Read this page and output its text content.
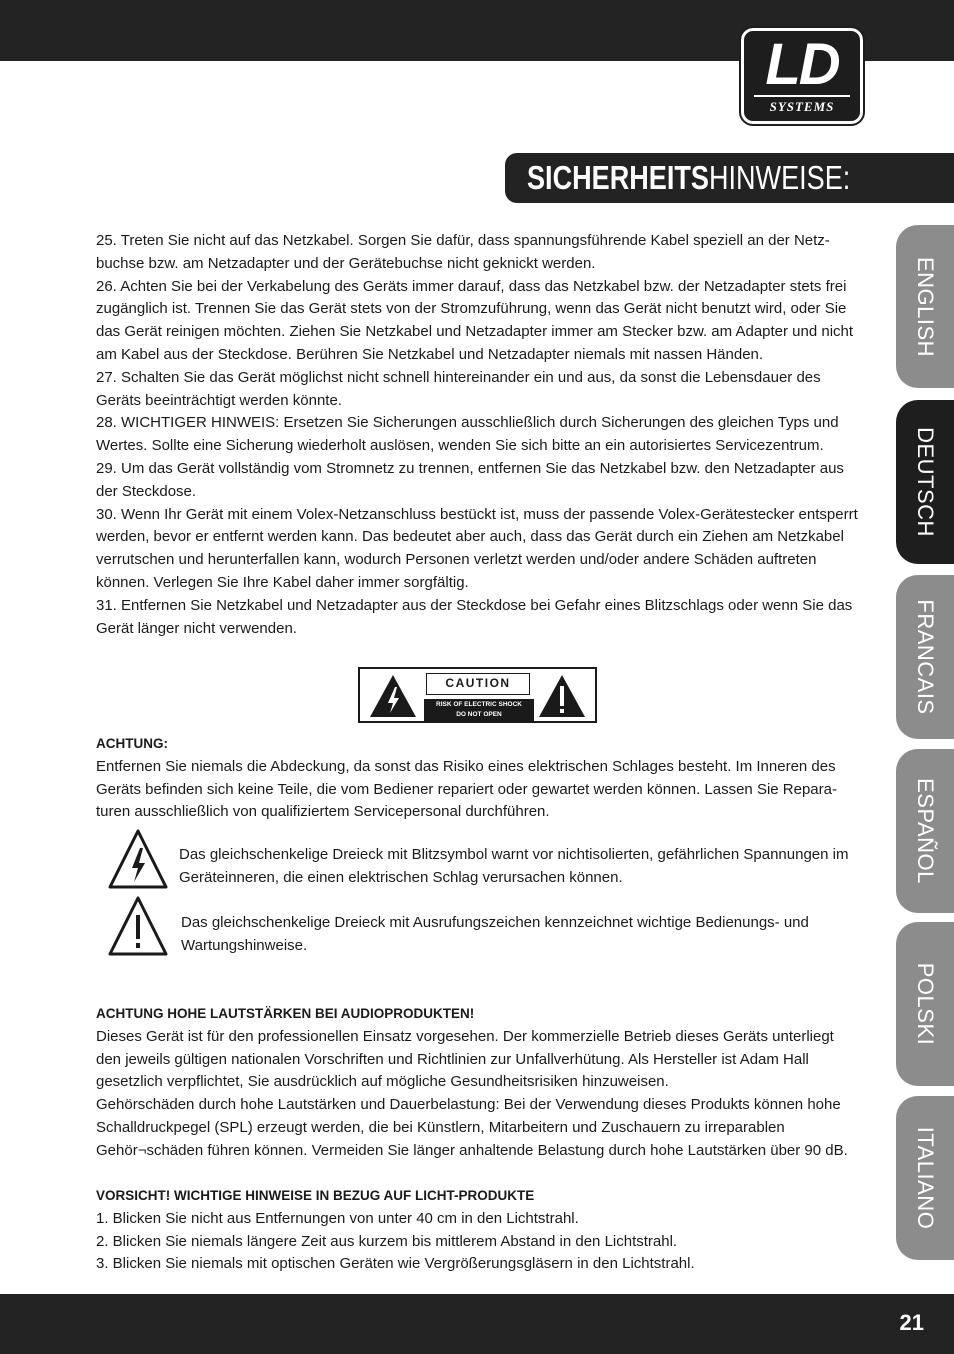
LD
SYSTEMS
SICHERHEITSHINWEISE:

25. Treten Sie nicht auf das Netzkabel. Sorgen Sie dafür, dass spannungsführende Kabel speziell an der Netz-buchse bzw. am Netzadapter und der Gerätebuchse nicht geknickt werden.

26. Achten Sie bei der Verkabelung des Geräts immer darauf, dass das Netzkabel bzw. der Netzadapter stets frei zugänglich ist. Trennen Sie das Gerät stets von der Stromzuführung, wenn das Gerät nicht benutzt wird, oder Sie das Gerät reinigen möchten. Ziehen Sie Netzkabel und Netzadapter immer am Stecker bzw. am Adapter und nicht am Kabel aus der Steckdose. Berühren Sie Netzkabel und Netzadapter niemals mit nassen Händen.

27. Schalten Sie das Gerät möglichst nicht schnell hintereinander ein und aus, da sonst die Lebensdauer des Geräts beeinträchtigt werden könnte.

28. WICHTIGER HINWEIS: Ersetzen Sie Sicherungen ausschließlich durch Sicherungen des gleichen Typs und Wertes. Sollte eine Sicherung wiederholt auslösen, wenden Sie sich bitte an ein autorisiertes Servicezentrum.

29. Um das Gerät vollständig vom Stromnetz zu trennen, entfernen Sie das Netzkabel bzw. den Netzadapter aus der Steckdose.

30. Wenn Ihr Gerät mit einem Volex-Netzanschluss bestückt ist, muss der passende Volex-Gerätestecker entsperrt werden, bevor er entfernt werden kann. Das bedeutet aber auch, dass das Gerät durch ein Ziehen am Netzkabel verrutschen und herunterfallen kann, wodurch Personen verletzt werden und/oder andere Schäden auftreten können. Verlegen Sie Ihre Kabel daher immer sorgfältig.

31. Entfernen Sie Netzkabel und Netzadapter aus der Steckdose bei Gefahr eines Blitzschlags oder wenn Sie das Gerät länger nicht verwenden.

CAUTION
RISK OF ELECTRIC SHOCK
DO NOT OPEN
ACHTUNG:
Entfernen Sie niemals die Abdeckung, da sonst das Risiko eines elektrischen Schlages besteht. Im Inneren des Geräts befinden sich keine Teile, die vom Bediener repariert oder gewartet werden können. Lassen Sie Repara-turen ausschließlich von qualifiziertem Servicepersonal durchführen.
Das gleichschenkelige Dreieck mit Blitzsymbol warnt vor nichtisolierten, gefährlichen Spannungen im Geräteinneren, die einen elektrischen Schlag verursachen können.
Das gleichschenkelige Dreieck mit Ausrufungszeichen kennzeichnet wichtige Bedienungs- und Wartungshinweise.
ACHTUNG HOHE LAUTSTÄRKEN BEI AUDIOPRODUKTEN!
Dieses Gerät ist für den professionellen Einsatz vorgesehen. Der kommerzielle Betrieb dieses Geräts unterliegt den jeweils gültigen nationalen Vorschriften und Richtlinien zur Unfallverhütung. Als Hersteller ist Adam Hall gesetzlich verpflichtet, Sie ausdrücklich auf mögliche Gesundheitsrisiken hinzuweisen.
Gehörschäden durch hohe Lautstärken und Dauerbelastung: Bei der Verwendung dieses Produkts können hohe Schalldruckpegel (SPL) erzeugt werden, die bei Künstlern, Mitarbeitern und Zuschauern zu irreparablen Gehör¬schäden führen können. Vermeiden Sie länger anhaltende Belastung durch hohe Lautstärken über 90 dB.
VORSICHT! WICHTIGE HINWEISE IN BEZUG AUF LICHT-PRODUKTE
1. Blicken Sie nicht aus Entfernungen von unter 40 cm in den Lichtstrahl.
2. Blicken Sie niemals längere Zeit aus kurzem bis mittlerem Abstand in den Lichtstrahl.
3. Blicken Sie niemals mit optischen Geräten wie Vergrößerungsgläsern in den Lichtstrahl.
ENGLISH
DEUTSCH
FRANCAIS
ESPAÑOL
POLSKI
ITALIANO
21
